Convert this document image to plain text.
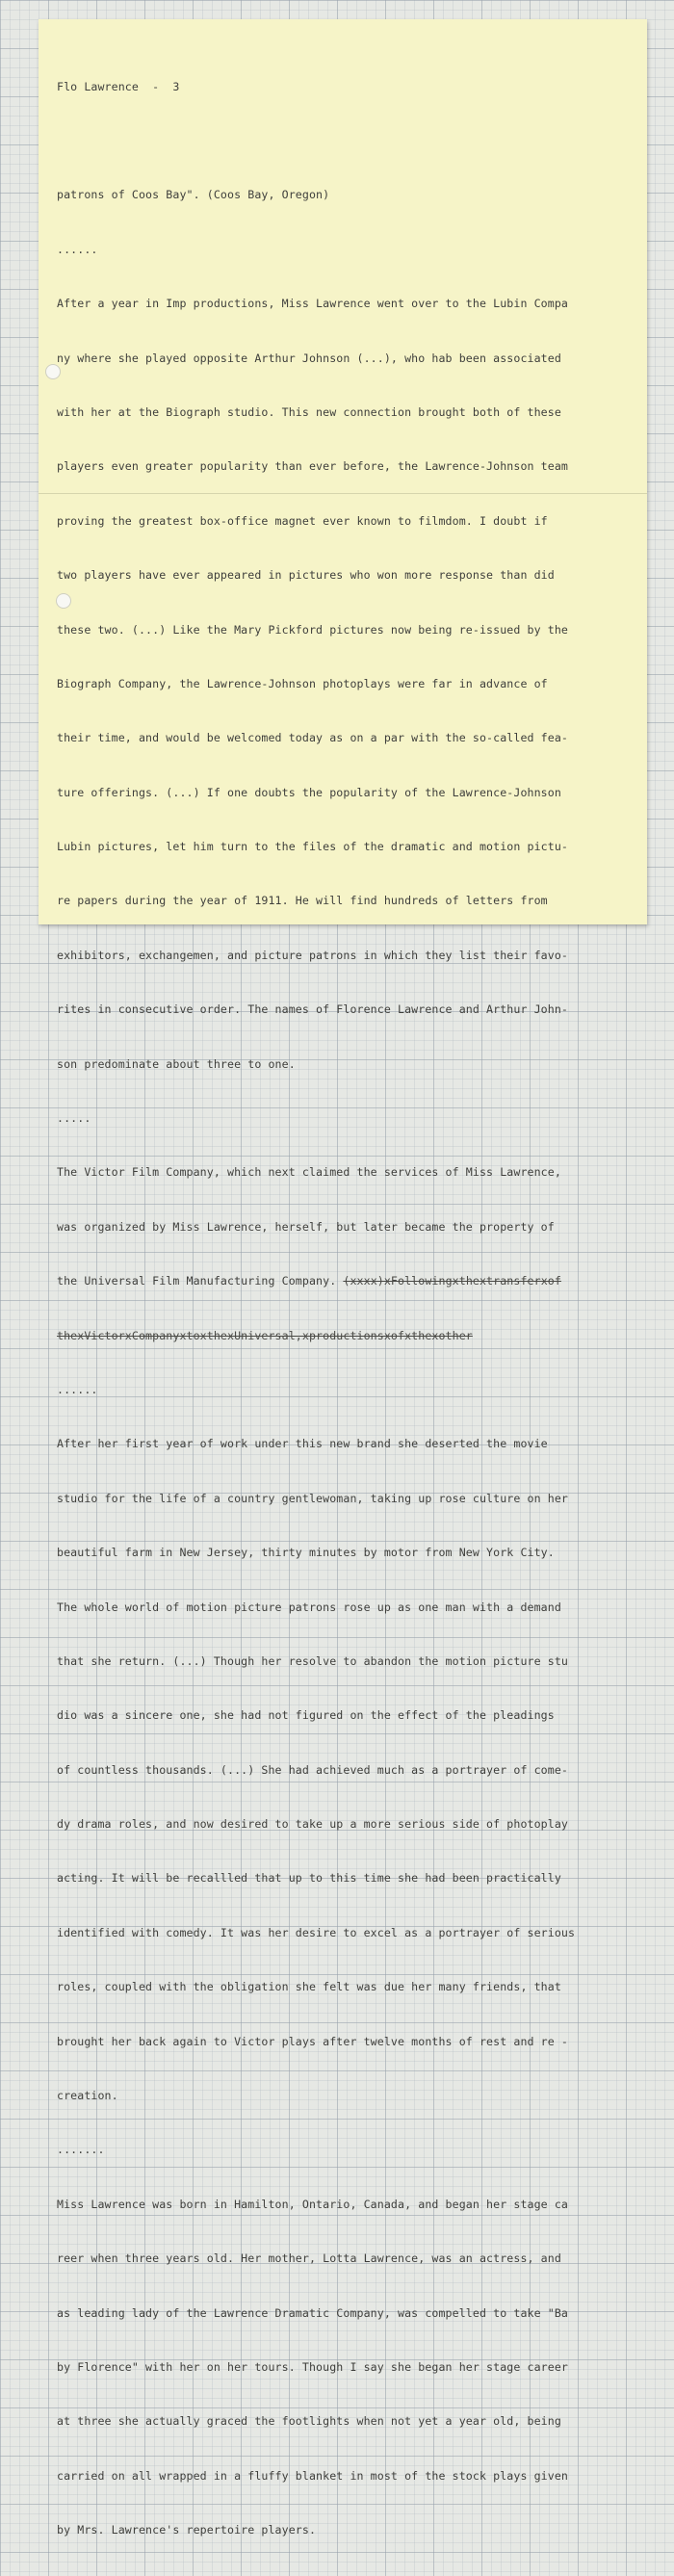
Flo Lawrence  -  3

patrons of Coos Bay". (Coos Bay, Oregon)

......

After a year in Imp productions, Miss Lawrence went over to the Lubin Compa

ny where she played opposite Arthur Johnson (...), who hab been associated

with her at the Biograph studio. This new connection brought both of these

players even greater popularity than ever before, the Lawrence-Johnson team

proving the greatest box-office magnet ever known to filmdom. I doubt if

two players have ever appeared in pictures who won more response than did

these two. (...) Like the Mary Pickford pictures now being re-issued by the

Biograph Company, the Lawrence-Johnson photoplays were far in advance of

their time, and would be welcomed today as on a par with the so-called fea-

ture offerings. (...) If one doubts the popularity of the Lawrence-Johnson

Lubin pictures, let him turn to the files of the dramatic and motion pictu-

re papers during the year of 1911. He will find hundreds of letters from

exhibitors, exchangemen, and picture patrons in which they list their favo-

rites in consecutive order. The names of Florence Lawrence and Arthur John-

son predominate about three to one.

.....

The Victor Film Company, which next claimed the services of Miss Lawrence,

was organized by Miss Lawrence, herself, but later became the property of

the Universal Film Manufacturing Company. (xxxx)xFollowingxthextransferxof

thexVictorxCompanyxtoxthexUniversal,xproductionsxofxthexother

......

After her first year of work under this new brand she deserted the movie

studio for the life of a country gentlewoman, taking up rose culture on her

beautiful farm in New Jersey, thirty minutes by motor from New York City.

The whole world of motion picture patrons rose up as one man with a demand

that she return. (...) Though her resolve to abandon the motion picture stu

dio was a sincere one, she had not figured on the effect of the pleadings

of countless thousands. (...) She had achieved much as a portrayer of come-

dy drama roles, and now desired to take up a more serious side of photoplay

acting. It will be recallled that up to this time she had been practically

identified with comedy. It was her desire to excel as a portrayer of serious

roles, coupled with the obligation she felt was due her many friends, that

brought her back again to Victor plays after twelve months of rest and re -

creation.

.......

Miss Lawrence was born in Hamilton, Ontario, Canada, and began her stage ca

reer when three years old. Her mother, Lotta Lawrence, was an actress, and

as leading lady of the Lawrence Dramatic Company, was compelled to take "Ba

by Florence" with her on her tours. Though I say she began her stage career

at three she actually graced the footlights when not yet a year old, being

carried on all wrapped in a fluffy blanket in most of the stock plays given

by Mrs. Lawrence's repertoire players.
